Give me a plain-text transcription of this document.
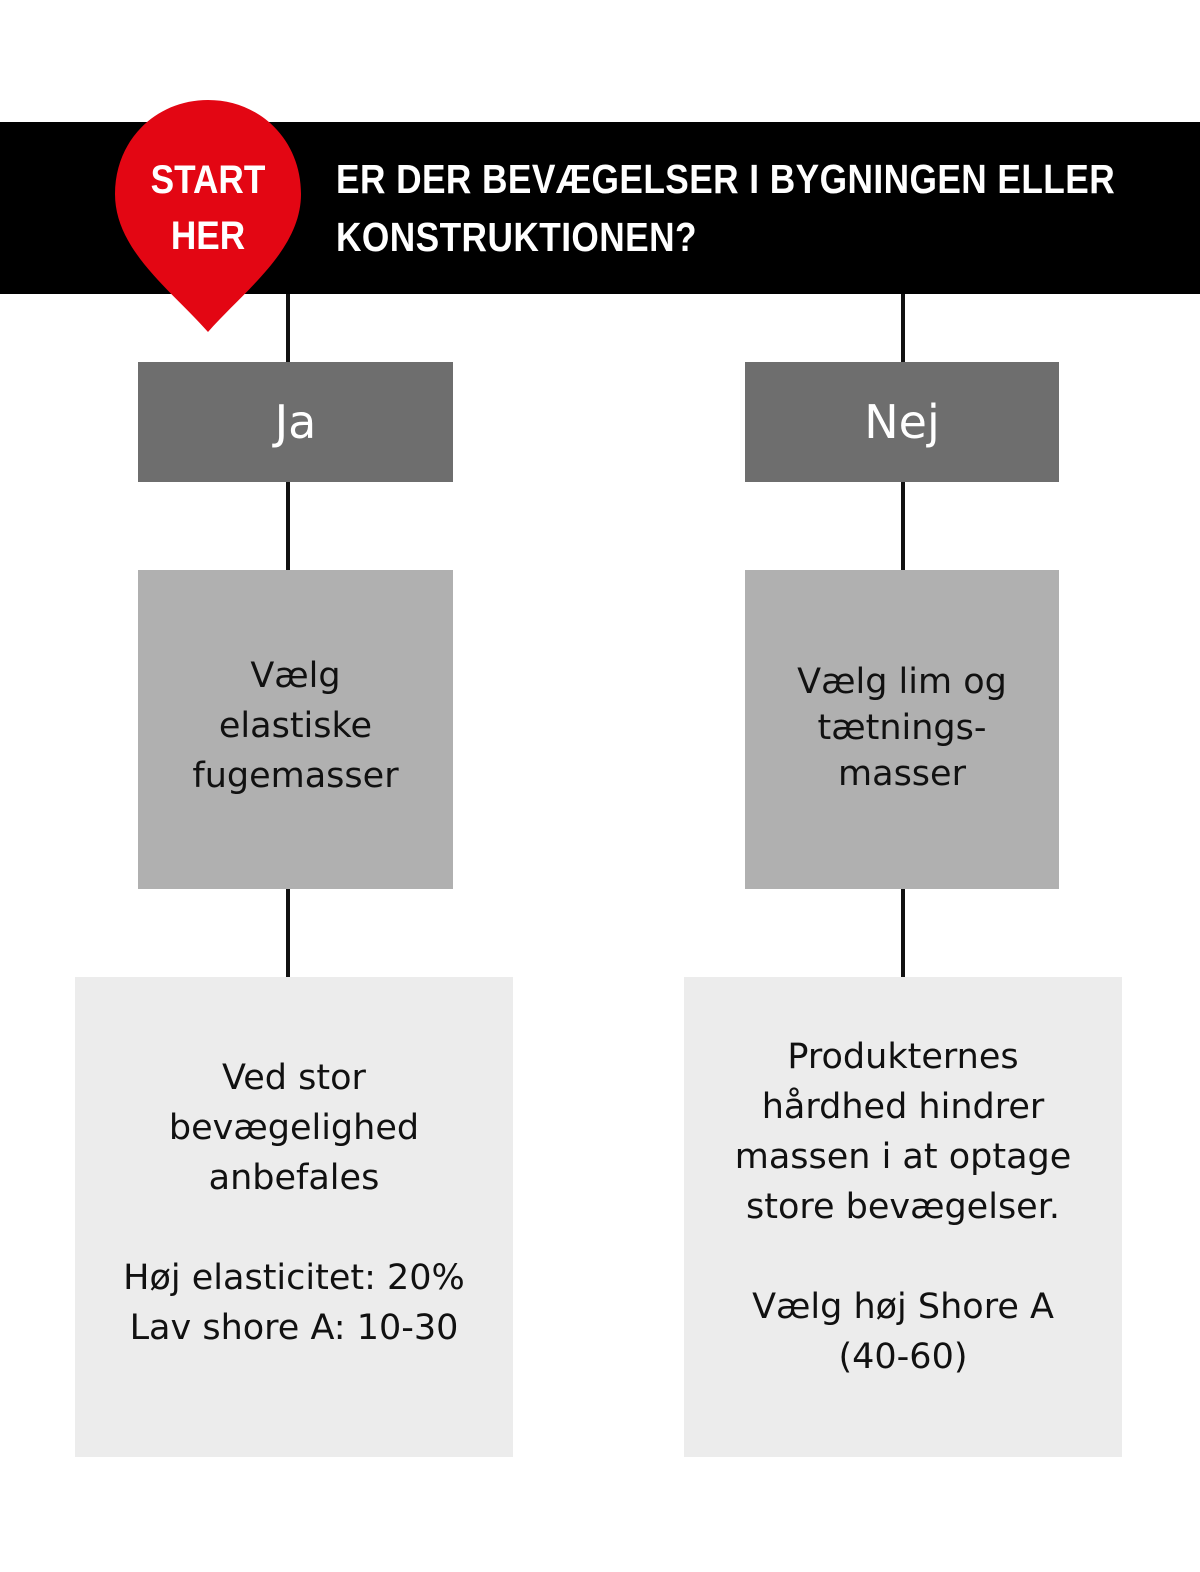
ER DER BEVÆGELSER I BYGNINGEN ELLER
KONSTRUKTIONEN?
START
HER
Ja
Vælg
elastiske
fugemasser
Ved stor
bevægelighed
anbefales
Høj elasticitet: 20%
Lav shore A: 10-30
Nej
Vælg lim og
tætnings-
masser
Produkternes
hårdhed hindrer
massen i at optage
store bevægelser.
Vælg høj Shore A
(40-60)
